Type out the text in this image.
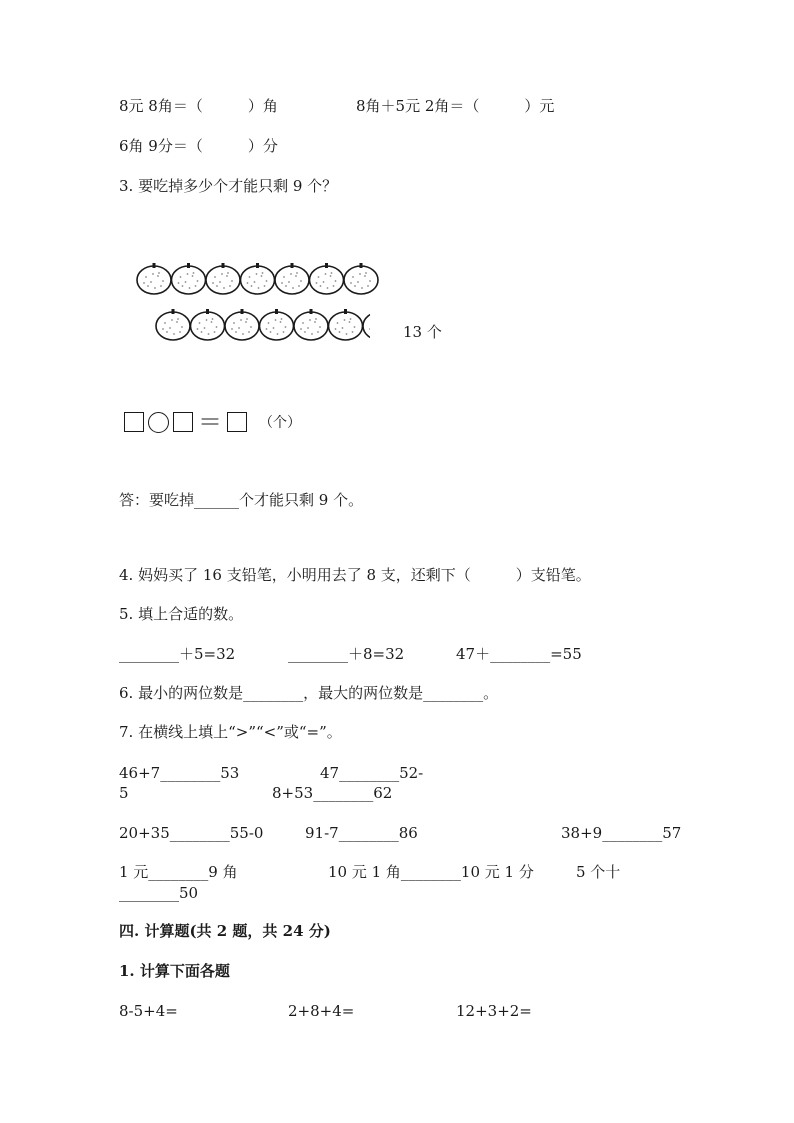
8元 8角＝（　　　）角	8角＋5元 2角＝（　　　）元
6角 9分＝（　　　）分
3. 要吃掉多少个才能只剩 9 个？
13 个
＝	（个）
答：要吃掉______个才能只剩 9 个。
4. 妈妈买了 16 支铅笔，小明用去了 8 支，还剩下（　　　）支铅笔。
5. 填上合适的数。
________＋5=32	________＋8=32	47＋________=55
6. 最小的两位数是________，最大的两位数是________。
7. 在横线上填上“>”“<”或“=”。
46+7________53	47________52-
5	8+53________62
20+35________55-0	91-7________86	38+9________57
1 元________9 角	10 元 1 角________10 元 1 分	5 个十
________50
四. 计算题(共 2 题，共 24 分)
1. 计算下面各题
8-5+4=	2+8+4=	12+3+2=
